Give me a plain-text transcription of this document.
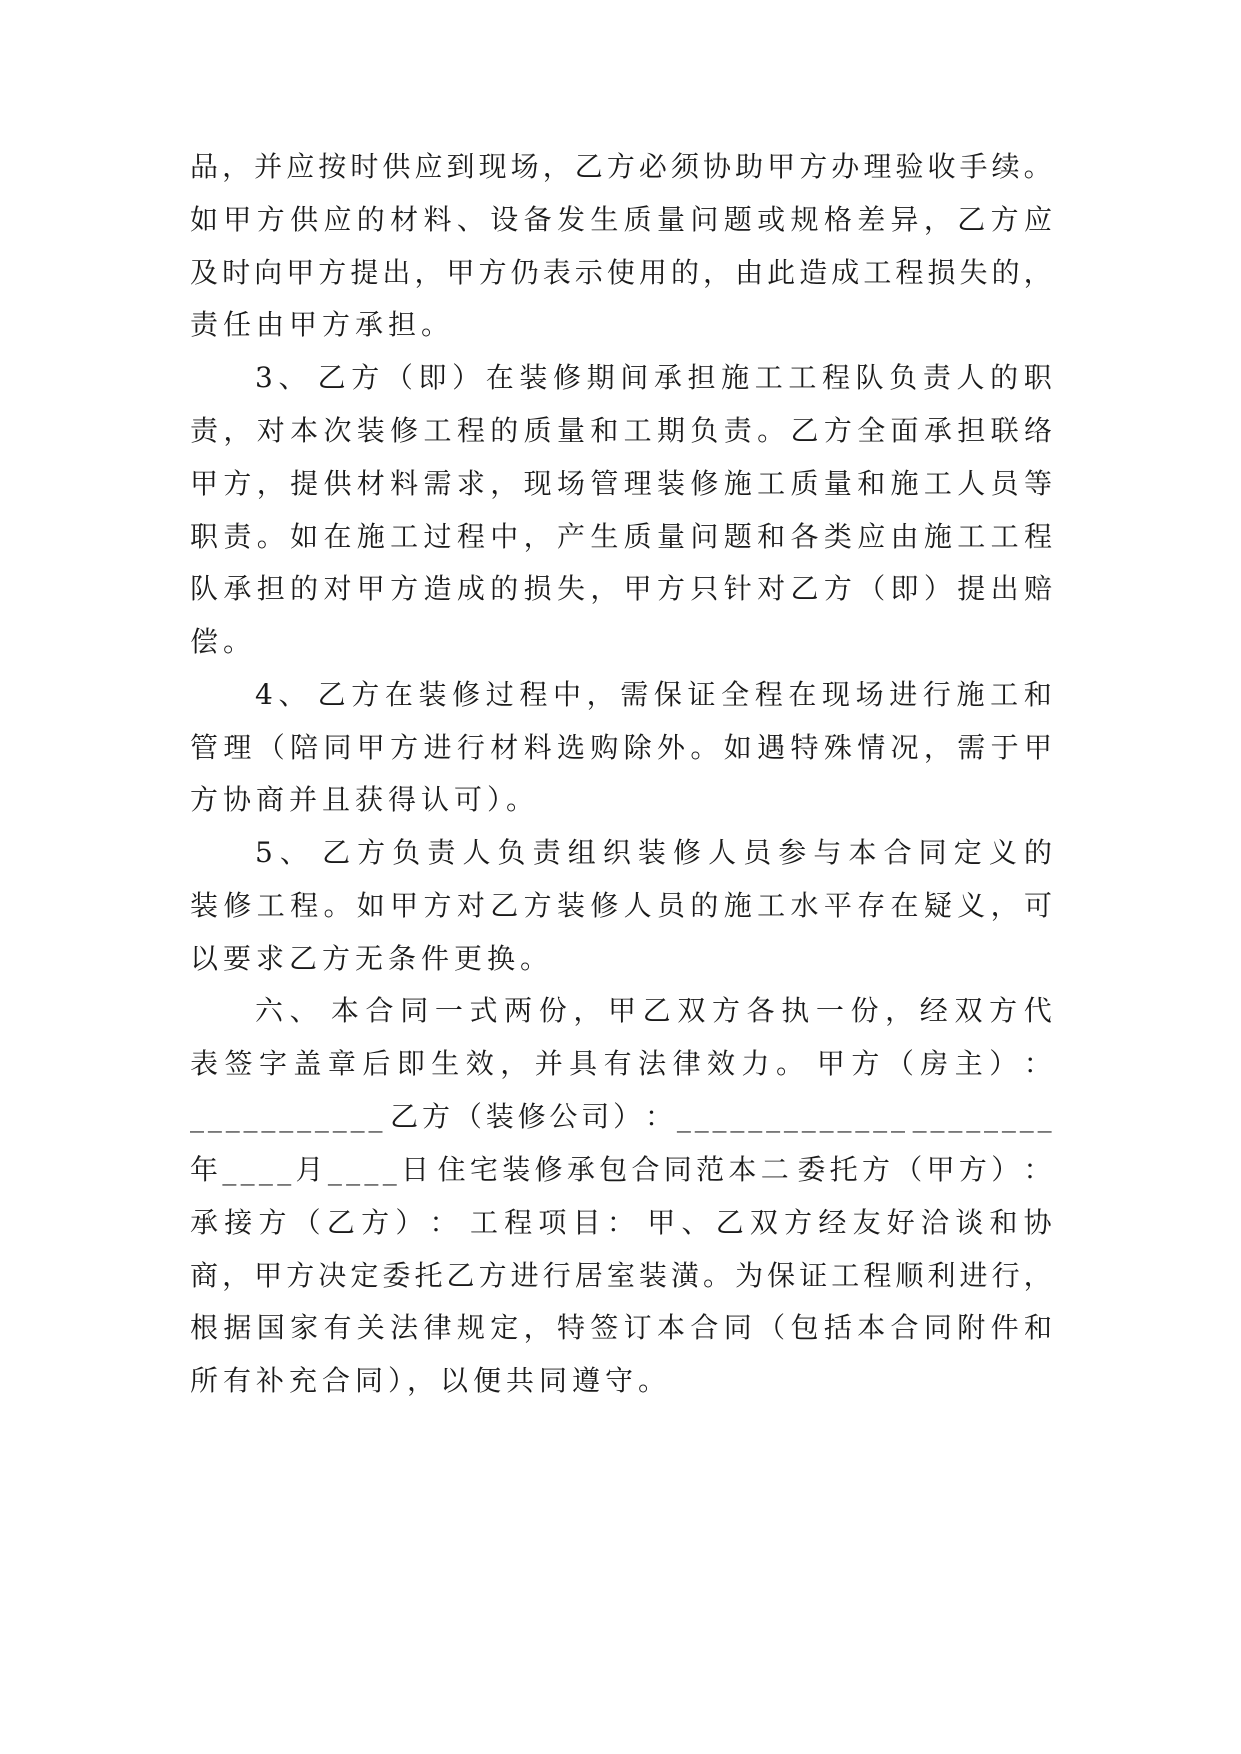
品 ， 并 应 按 时 供 应 到 现 场 ， 乙 方 必 须 协 助 甲 方 办 理 验 收 手 续 。
如 甲 方 供 应 的 材 料 、 设 备 发 生 质 量 问 题 或 规 格 差 异 ， 乙 方 应
及 时 向 甲 方 提 出 ， 甲 方 仍 表 示 使 用 的 ， 由 此 造 成 工 程 损 失 的 ，
责任由甲方承担。
3 、 乙 方 （ 即 ） 在 装 修 期 间 承 担 施 工 工 程 队 负 责 人 的 职
责 ， 对 本 次 装 修 工 程 的 质 量 和 工 期 负 责 。 乙 方 全 面 承 担 联 络
甲 方 ， 提 供 材 料 需 求 ， 现 场 管 理 装 修 施 工 质 量 和 施 工 人 员 等
职 责 。 如 在 施 工 过 程 中 ， 产 生 质 量 问 题 和 各 类 应 由 施 工 工 程
队 承 担 的 对 甲 方 造 成 的 损 失 ， 甲 方 只 针 对 乙 方 （ 即 ） 提 出 赔
偿。
4 、 乙 方 在 装 修 过 程 中 ， 需 保 证 全 程 在 现 场 进 行 施 工 和
管 理 （ 陪 同 甲 方 进 行 材 料 选 购 除 外 。 如 遇 特 殊 情 况 ， 需 于 甲
方协商并且获得认可）。
5 、 乙 方 负 责 人 负 责 组 织 装 修 人 员 参 与 本 合 同 定 义 的
装 修 工 程 。 如 甲 方 对 乙 方 装 修 人 员 的 施 工 水 平 存 在 疑 义 ， 可
以要求乙方无条件更换。
六 、 本 合 同 一 式 两 份 ， 甲 乙 双 方 各 执 一 份 ， 经 双 方 代
表 签 字 盖 章 后 即 生 效 ， 并 具 有 法 律 效 力 。 甲 方 （ 房 主 ） ：
_ _ _ _ _ _ _ _ _ _ _ 乙 方 （ 装 修 公 司 ） ： _ _ _ _ _ _ _ _ _ _ _ _ _ _ _ _ _ _ _ _ _
年 _ _ _ _ 月 _ _ _ _ 日 住 宅 装 修 承 包 合 同 范 本 二 委 托 方 （ 甲 方 ） ：
承 接 方 （ 乙 方 ） ： 工 程 项 目 ： 甲 、 乙 双 方 经 友 好 洽 谈 和 协
商 ， 甲 方 决 定 委 托 乙 方 进 行 居 室 装 潢 。 为 保 证 工 程 顺 利 进 行 ，
根 据 国 家 有 关 法 律 规 定 ， 特 签 订 本 合 同 （ 包 括 本 合 同 附 件 和
所有补充合同），以便共同遵守。
